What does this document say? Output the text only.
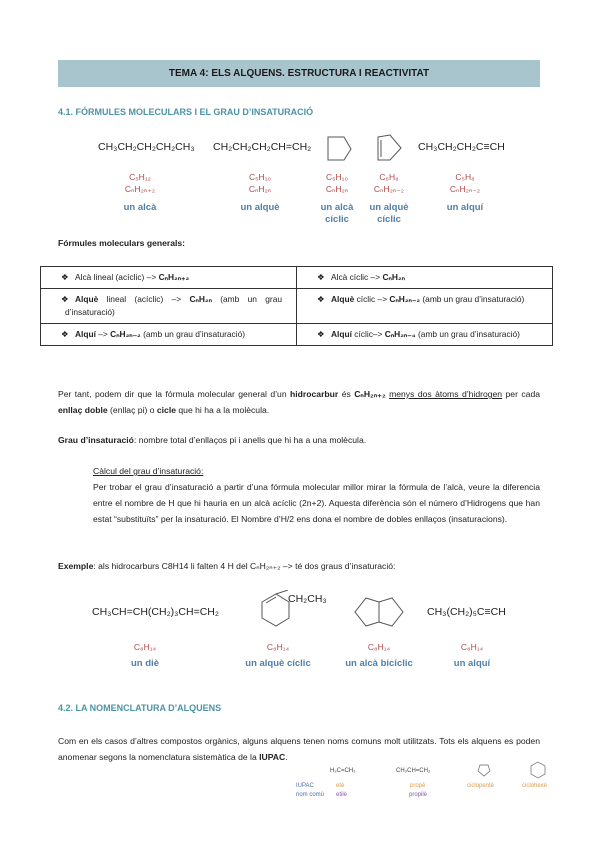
TEMA 4: ELS ALQUENS. ESTRUCTURA I REACTIVITAT
4.1. FÓRMULES MOLECULARS I EL GRAU D’INSATURACIÓ
CH₃CH₂CH₂CH₂CH₃ CH₂CH₂CH₂CH=CH₂	CH₃CH₂CH₂C≡CH
C₅H₁₂
CₙH₂ₙ₊₂
un alcà
C₅H₁₀
CₙH₂ₙ
un alquè
C₅H₁₀
CₙH₂ₙ
un alcà
cíclic
C₅H₈
CₙH₂ₙ₋₂
un alquè
cíclic
C₅H₈
CₙH₂ₙ₋₂
un alquí
Fórmules moleculars generals:
❖ Alcà lineal (acíclic) –> CₙH₂ₙ₊₂	❖ Alcà cíclic –> CₙH₂ₙ
❖ Alquè lineal (acíclic) –> CₙH₂ₙ (amb un grau d’insaturació)	❖ Alquè cíclic –> CₙH₂ₙ₋₂ (amb un grau d’insaturació)
❖ Alquí –> CₙH₂ₙ₋₂ (amb un grau d’insaturació)	❖ Alquí cíclic–> CₙH₂ₙ₋₄ (amb un grau d’insaturació)
Per tant, podem dir que la fórmula molecular general d’un hidrocarbur és CₙH₂ₙ₊₂ menys dos àtoms d’hidrogen per cada enllaç doble (enllaç pi) o cicle que hi ha a la molècula.
Grau d’insaturació: nombre total d’enllaços pi i anells que hi ha a una molècula.
Càlcul del grau d’insaturació:
Per trobar el grau d’insaturació a partir d’una fórmula molecular millor mirar la fórmula de l’alcà, veure la diferencia entre el nombre de H que hi hauria en un alcà acíclic (2n+2). Aquesta diferència són el número d’Hidrogens que han estat “substituïts” per la insaturació. El Nombre d’H/2 ens dona el nombre de dobles enllaços (insaturacions).
Exemple: als hidrocarburs C8H14 li falten 4 H del CₙH₂ₙ₊₂ –> té dos graus d’insaturació:
CH₃CH=CH(CH₂)₃CH=CH₂
CH₂CH₃
CH₃(CH₂)₅C≡CH
C₈H₁₄
un diè
C₈H₁₄
un alquè cíclic
C₈H₁₄
un alcà bicíclic
C₈H₁₄
un alquí
4.2. LA NOMENCLATURA D’ALQUENS
Com en els casos d’altres compostos orgànics, alguns alquens tenen noms comuns molt utilitzats. Tots els alquens es poden anomenar segons la nomenclatura sistemàtica de la IUPAC.
H₂C=CH₂	CH₃CH=CH₂
IUPAC
nom comú
etè
etilè
propè
propilè
ciclopentè	ciclohexè
